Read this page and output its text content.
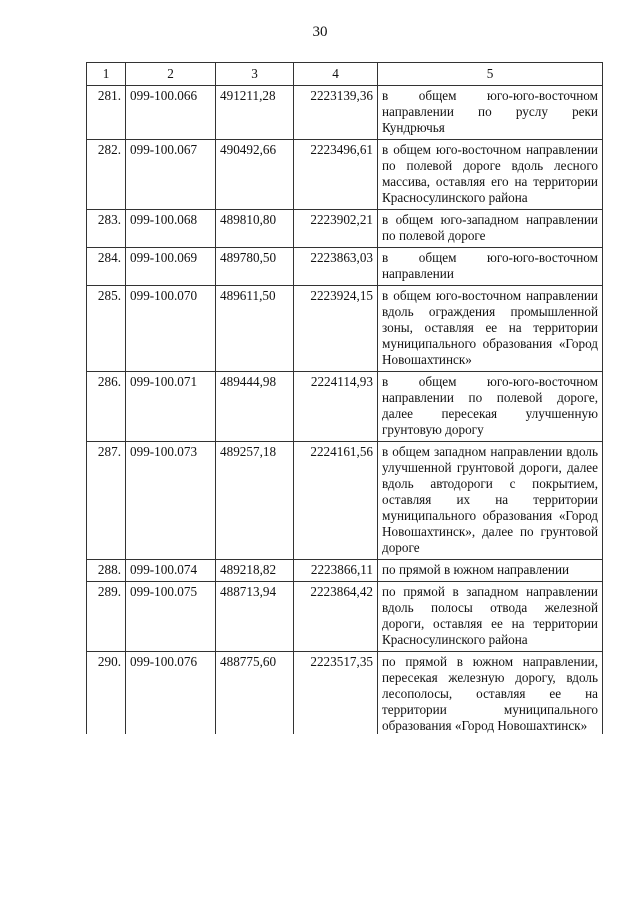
30
1	2	3	4	5
281.	099-100.066	491211,28	2223139,36	в общем юго-юго-восточном направлении по руслу реки Кундрючья
282.	099-100.067	490492,66	2223496,61	в общем юго-восточном направлении по полевой дороге вдоль лесного массива, оставляя его на территории Красносулинского района
283.	099-100.068	489810,80	2223902,21	в общем юго-западном направлении по полевой дороге
284.	099-100.069	489780,50	2223863,03	в общем юго-юго-восточном направлении
285.	099-100.070	489611,50	2223924,15	в общем юго-восточном направлении вдоль ограждения промышленной зоны, оставляя ее на территории муниципального образования «Город Новошахтинск»
286.	099-100.071	489444,98	2224114,93	в общем юго-юго-восточном направлении по полевой дороге, далее пересекая улучшенную грунтовую дорогу
287.	099-100.073	489257,18	2224161,56	в общем западном направлении вдоль улучшенной грунтовой дороги, далее вдоль автодороги с покрытием, оставляя их на территории муниципального образования «Город Новошахтинск», далее по грунтовой дороге
288.	099-100.074	489218,82	2223866,11	по прямой в южном направлении
289.	099-100.075	488713,94	2223864,42	по прямой в западном направлении вдоль полосы отвода железной дороги, оставляя ее на территории Красносулинского района
290.	099-100.076	488775,60	2223517,35	по прямой в южном направлении, пересекая железную дорогу, вдоль лесополосы, оставляя ее на территории муниципального образования «Город Новошахтинск»
